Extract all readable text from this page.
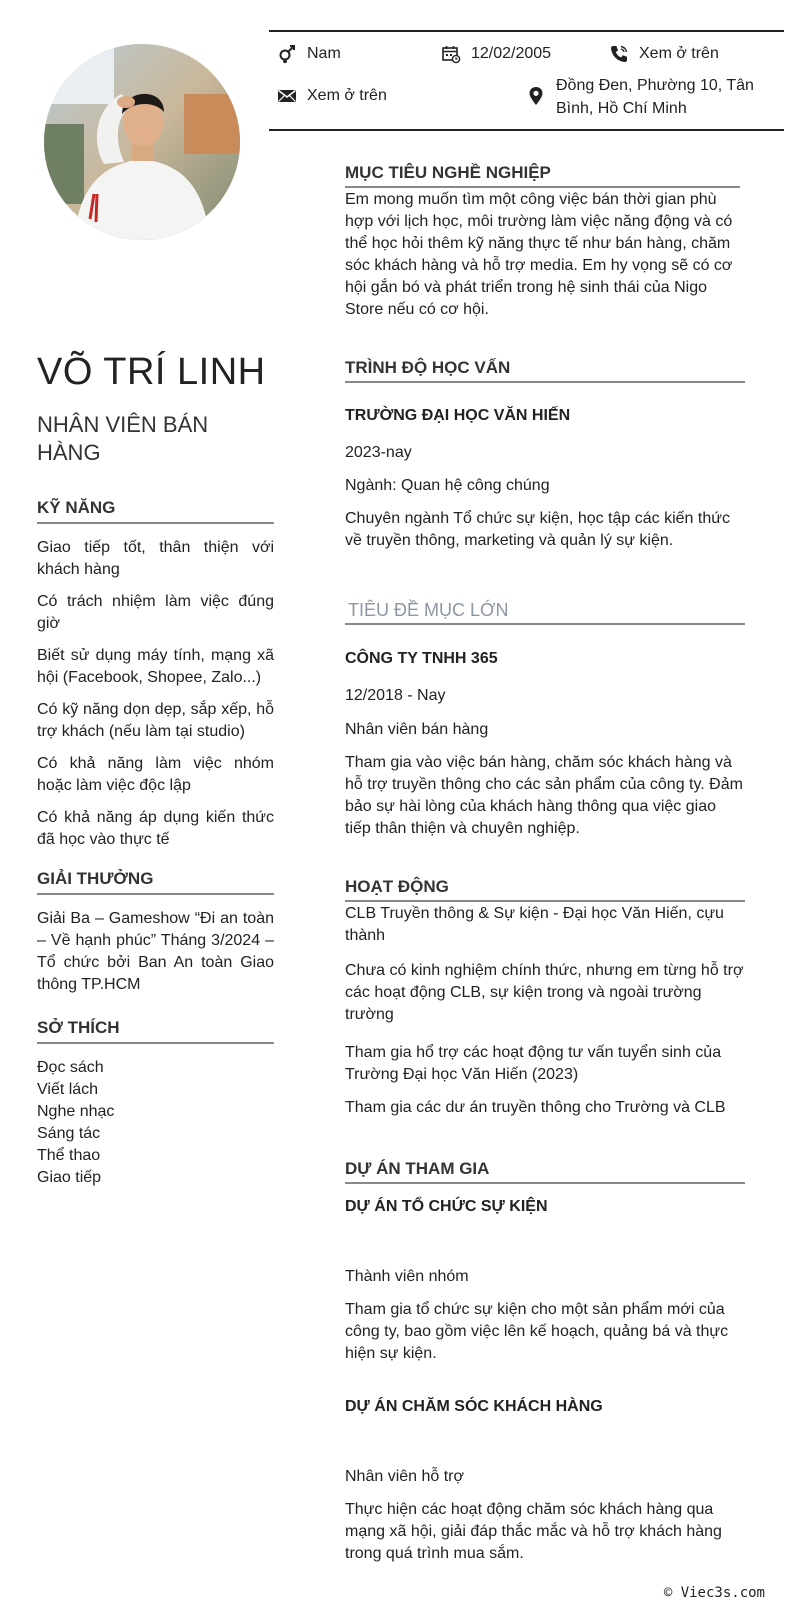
Nam	12/02/2005	Xem ở trên
Xem ở trên
Đồng Đen, Phường 10, Tân Bình, Hồ Chí Minh
VÕ TRÍ LINH
NHÂN VIÊN BÁN HÀNG
KỸ NĂNG
Giao tiếp tốt, thân thiện với khách hàng
Có trách nhiệm làm việc đúng giờ
Biết sử dụng máy tính, mạng xã hội (Facebook, Shopee, Zalo...)
Có kỹ năng dọn dẹp, sắp xếp, hỗ trợ khách (nếu làm tại studio)
Có khả năng làm việc nhóm hoặc làm việc độc lập
Có khả năng áp dụng kiến thức đã học vào thực tế
GIẢI THƯỞNG
Giải Ba – Gameshow “Đi an toàn – Về hạnh phúc” Tháng 3/2024 – Tổ chức bởi Ban An toàn Giao thông TP.HCM
SỞ THÍCH
Đọc sách
Viết lách
Nghe nhạc
Sáng tác
Thể thao
Giao tiếp
MỤC TIÊU NGHỀ NGHIỆP
Em mong muốn tìm một công việc bán thời gian phù hợp với lịch học, môi trường làm việc năng động và có thể học hỏi thêm kỹ năng thực tế như bán hàng, chăm sóc khách hàng và hỗ trợ media. Em hy vọng sẽ có cơ hội gắn bó và phát triển trong hệ sinh thái của Nigo Store nếu có cơ hội.
TRÌNH ĐỘ HỌC VẤN
TRƯỜNG ĐẠI HỌC VĂN HIẾN
2023-nay
Ngành: Quan hệ công chúng
Chuyên ngành Tổ chức sự kiện, học tập các kiến thức về truyền thông, marketing và quản lý sự kiện.
TIÊU ĐỀ MỤC LỚN
CÔNG TY TNHH 365
12/2018 - Nay
Nhân viên bán hàng
Tham gia vào việc bán hàng, chăm sóc khách hàng và hỗ trợ truyền thông cho các sản phẩm của công ty. Đảm bảo sự hài lòng của khách hàng thông qua việc giao tiếp thân thiện và chuyên nghiệp.
HOẠT ĐỘNG
CLB Truyền thông & Sự kiện - Đại học Văn Hiến, cựu thành
Chưa có kinh nghiệm chính thức, nhưng em từng hỗ trợ các hoạt động CLB, sự kiện trong và ngoài trường trường
Tham gia hổ trợ các hoạt động tư vấn tuyển sinh của Trường Đại học Văn Hiến (2023)
Tham gia các dư án truyền thông cho Trường và CLB
DỰ ÁN THAM GIA
DỰ ÁN TỔ CHỨC SỰ KIỆN
Thành viên nhóm
Tham gia tổ chức sự kiện cho một sản phẩm mới của công ty, bao gồm việc lên kế hoạch, quảng bá và thực hiện sự kiện.
DỰ ÁN CHĂM SÓC KHÁCH HÀNG
Nhân viên hỗ trợ
Thực hiện các hoạt động chăm sóc khách hàng qua mạng xã hội, giải đáp thắc mắc và hỗ trợ khách hàng trong quá trình mua sắm.
© Viec3s.com
